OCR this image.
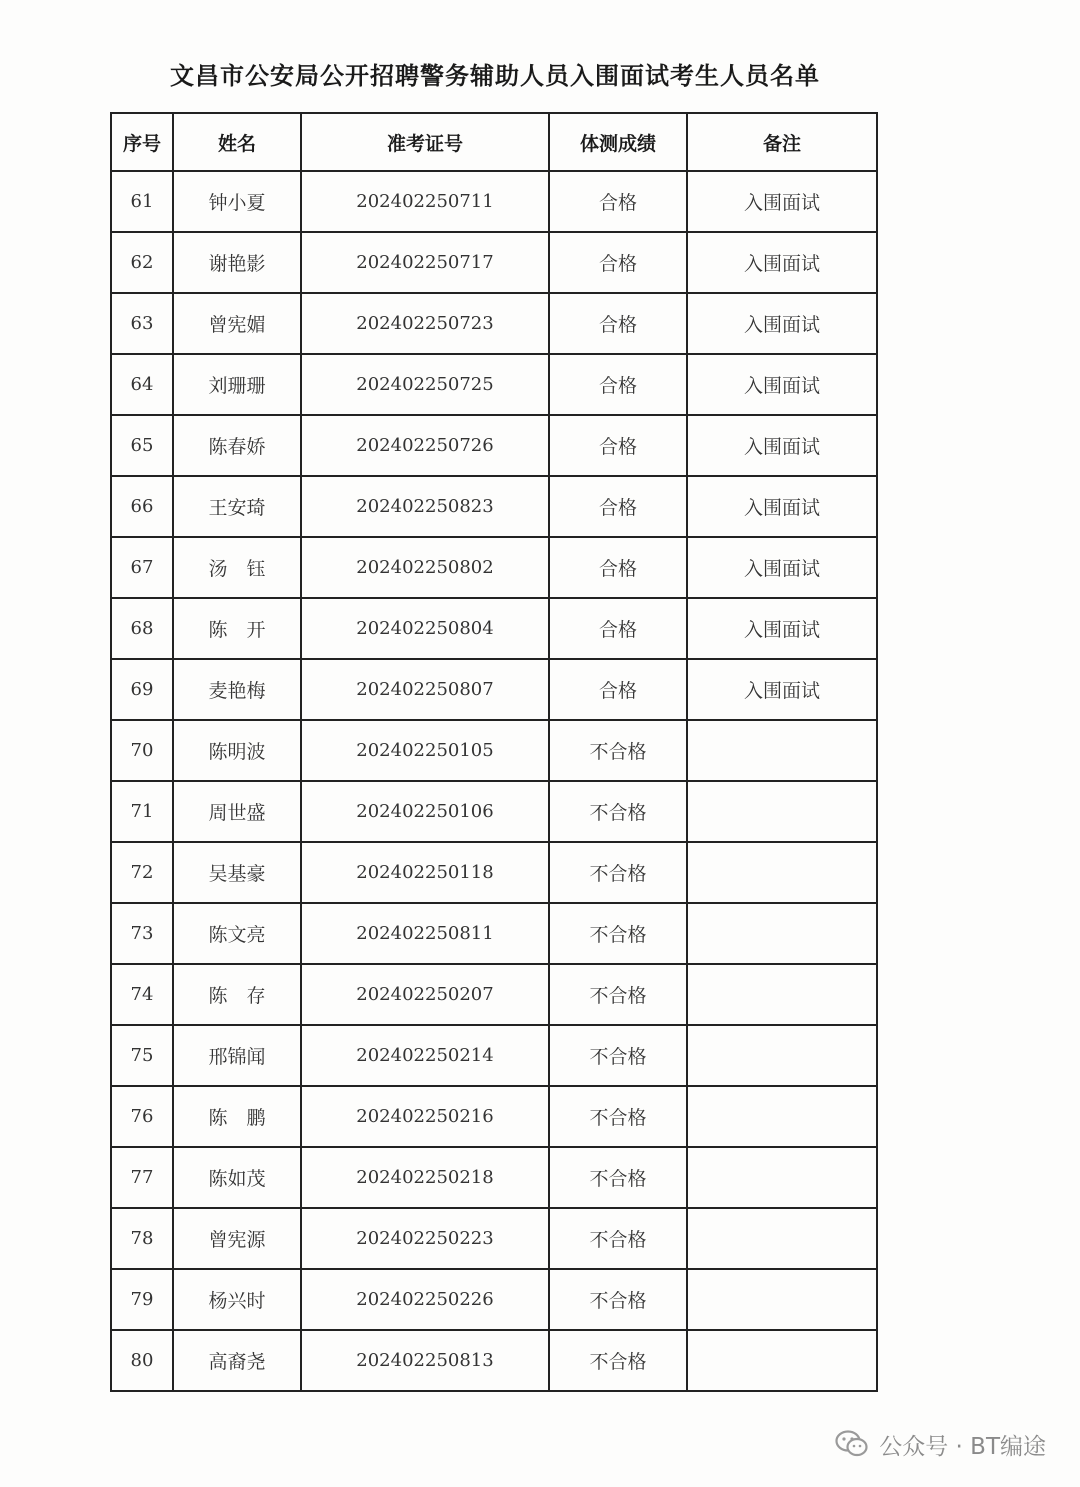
文昌市公安局公开招聘警务辅助人员入围面试考生人员名单
序号	姓名	准考证号	体测成绩	备注
61	钟小夏	202402250711	合格	入围面试
62	谢艳影	202402250717	合格	入围面试
63	曾宪媚	202402250723	合格	入围面试
64	刘珊珊	202402250725	合格	入围面试
65	陈春娇	202402250726	合格	入围面试
66	王安琦	202402250823	合格	入围面试
67	汤　钰	202402250802	合格	入围面试
68	陈　开	202402250804	合格	入围面试
69	麦艳梅	202402250807	合格	入围面试
70	陈明波	202402250105	不合格	
71	周世盛	202402250106	不合格	
72	吴基豪	202402250118	不合格	
73	陈文亮	202402250811	不合格	
74	陈　存	202402250207	不合格	
75	邢锦闻	202402250214	不合格	
76	陈　鹏	202402250216	不合格	
77	陈如茂	202402250218	不合格	
78	曾宪源	202402250223	不合格	
79	杨兴时	202402250226	不合格	
80	高裔尧	202402250813	不合格	
公众号 · BT编途
